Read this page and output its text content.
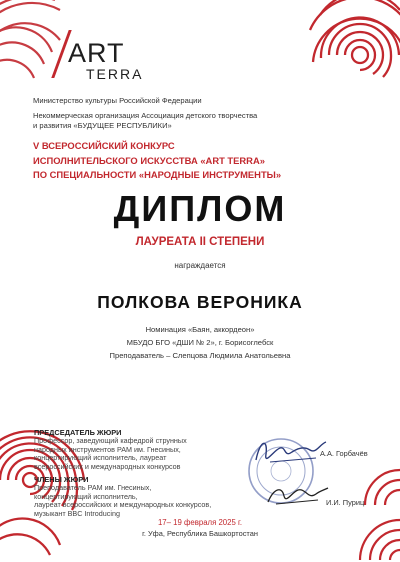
ART
TERRA
Министерство культуры Российской Федерации
Некоммерческая организация Ассоциация детского творчества
и развития «БУДУЩЕЕ РЕСПУБЛИКИ»
V ВСЕРОССИЙСКИЙ КОНКУРС
ИСПОЛНИТЕЛЬСКОГО ИСКУССТВА «ART TERRA»
ПО СПЕЦИАЛЬНОСТИ «НАРОДНЫЕ ИНСТРУМЕНТЫ»
ДИПЛОМ
ЛАУРЕАТА II СТЕПЕНИ
награждается
ПОЛКОВА ВЕРОНИКА
Номинация «Баян, аккордеон»
МБУДО БГО «ДШИ № 2», г. Борисоглебск
Преподаватель – Слепцова Людмила Анатольевна
ПРЕДСЕДАТЕЛЬ ЖЮРИ
Профессор, заведующий кафедрой струнных
народных инструментов РАМ им. Гнесиных,
концертирующий исполнитель, лауреат
всероссийских и международных конкурсов
ЧЛЕНЫ ЖЮРИ
Преподаватель РАМ им. Гнесиных,
концертирующий исполнитель,
лауреат всероссийских и международных конкурсов,
музыкант BBC Introducing
А.А. Горбачёв
И.И. Пуриц
17– 19 февраля 2025 г.
г. Уфа, Республика Башкортостан
